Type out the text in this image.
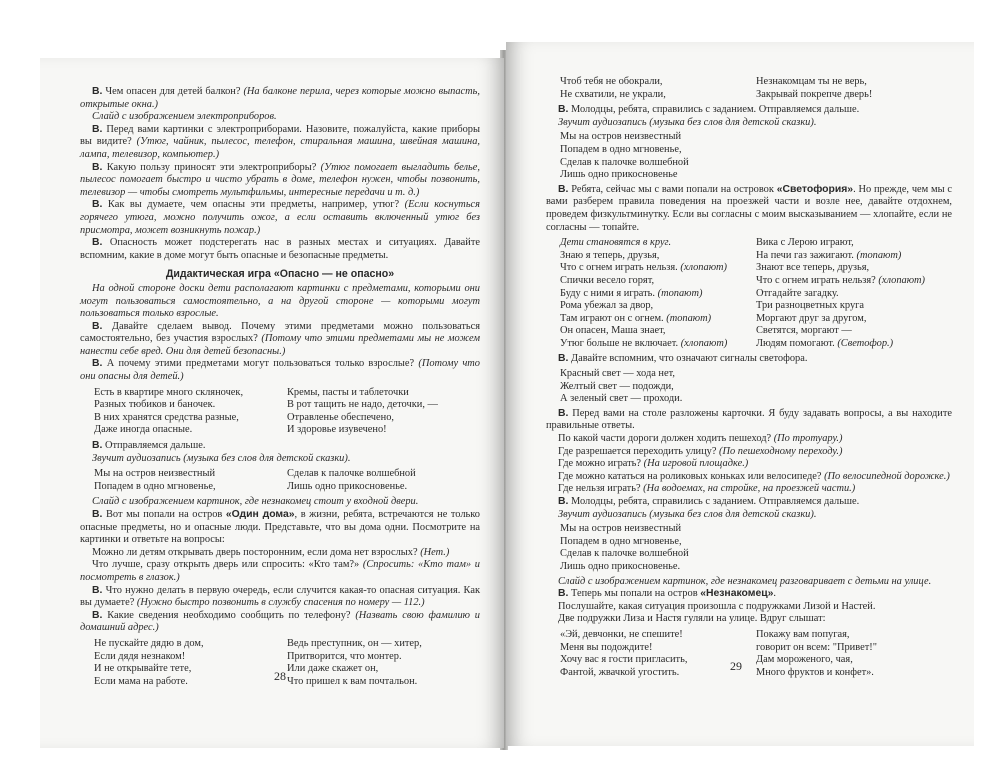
В. Чем опасен для детей балкон? (На балконе перила, через которые можно выпасть, открытые окна.)

Слайд с изображением электроприборов.

В. Перед вами картинки с электроприборами. Назовите, пожалуйста, какие приборы вы видите? (Утюг, чайник, пылесос, телефон, стиральная машина, швейная машина, лампа, телевизор, компьютер.)

В. Какую пользу приносят эти электроприборы? (Утюг помогает выгладить белье, пылесос помогает быстро и чисто убрать в доме, телефон нужен, чтобы позвонить, телевизор — чтобы смотреть мультфильмы, интересные передачи и т. д.)

В. Как вы думаете, чем опасны эти предметы, например, утюг? (Если коснуться горячего утюга, можно получить ожог, а если оставить включенный утюг без присмотра, может возникнуть пожар.)

В. Опасность может подстерегать нас в разных местах и ситуациях. Давайте вспомним, какие в доме могут быть опасные и безопасные предметы.

Дидактическая игра «Опасно — не опасно»

На одной стороне доски дети располагают картинки с предметами, которыми они могут пользоваться самостоятельно, а на другой стороне — которыми могут пользоваться только взрослые.

В. Давайте сделаем вывод. Почему этими предметами можно пользоваться самостоятельно, без участия взрослых? (Потому что этими предметами мы не можем нанести себе вред. Они для детей безопасны.)

В. А почему этими предметами могут пользоваться только взрослые? (Потому что они опасны для детей.)

Есть в квартире много скляночек,
Разных тюбиков и баночек.
В них хранятся средства разные,
Даже иногда опасные.
Кремы, пасты и таблеточки
В рот тащить не надо, деточки, —
Отравленье обеспечено,
И здоровье изувечено!

В. Отправляемся дальше.

Звучит аудиозапись (музыка без слов для детской сказки).

Мы на остров неизвестный
Попадем в одно мгновенье,
Сделав к палочке волшебной
Лишь одно прикосновенье.

Слайд с изображением картинок, где незнакомец стоит у входной двери.

В. Вот мы попали на остров «Один дома», в жизни, ребята, встречаются не только опасные предметы, но и опасные люди. Представьте, что вы дома одни. Посмотрите на картинки и ответьте на вопросы:

Можно ли детям открывать дверь посторонним, если дома нет взрослых? (Нет.)

Что лучше, сразу открыть дверь или спросить: «Кто там?» (Спросить: «Кто там» и посмотреть в глазок.)

В. Что нужно делать в первую очередь, если случится какая-то опасная ситуация. Как вы думаете? (Нужно быстро позвонить в службу спасения по номеру — 112.)

В. Какие сведения необходимо сообщить по телефону? (Назвать свою фамилию и домашний адрес.)

Не пускайте дядю в дом,
Если дядя незнаком!
И не открывайте тете,
Если мама на работе.
Ведь преступник, он — хитер,
Притворится, что монтер.
Или даже скажет он,
Что пришел к вам почтальон.
28
Чтоб тебя не обокрали,
Не схватили, не украли,
Незнакомцам ты не верь,
Закрывай покрепче дверь!

В. Молодцы, ребята, справились с заданием. Отправляемся дальше.

Звучит аудиозапись (музыка без слов для детской сказки).

Мы на остров неизвестный
Попадем в одно мгновенье,
Сделав к палочке волшебной
Лишь одно прикосновенье

В. Ребята, сейчас мы с вами попали на островок «Светофория». Но прежде, чем мы с вами разберем правила поведения на проезжей части и возле нее, давайте отдохнем, проведем физкультминутку. Если вы согласны с моим высказыванием — хлопайте, если не согласны — топайте.

Дети становятся в круг.
Знаю я теперь, друзья,
Что с огнем играть нельзя. (хлопают)
Спички весело горят,
Буду с ними я играть. (топают)
Рома убежал за двор,
Там играют он с огнем. (топают)
Он опасен, Маша знает,
Утюг больше не включает. (хлопают)
Вика с Лерою играют,
На печи газ зажигают. (топают)
Знают все теперь, друзья,
Что с огнем играть нельзя? (хлопают)
Отгадайте загадку.
Три разноцветных круга
Моргают друг за другом,
Светятся, моргают —
Людям помогают. (Светофор.)

В. Давайте вспомним, что означают сигналы светофора.

Красный свет — хода нет,
Желтый свет — подожди,
А зеленый свет — проходи.

В. Перед вами на столе разложены карточки. Я буду задавать вопросы, а вы находите правильные ответы.

По какой части дороги должен ходить пешеход? (По тротуару.)

Где разрешается переходить улицу? (По пешеходному переходу.)

Где можно играть? (На игровой площадке.)

Где можно кататься на роликовых коньках или велосипеде? (По велосипедной дорожке.)

Где нельзя играть? (На водоемах, на стройке, на проезжей части.)

В. Молодцы, ребята, справились с заданием. Отправляемся дальше.

Звучит аудиозапись (музыка без слов для детской сказки).

Мы на остров неизвестный
Попадем в одно мгновенье,
Сделав к палочке волшебной
Лишь одно прикосновенье.

Слайд с изображением картинок, где незнакомец разговаривает с детьми на улице.

В. Теперь мы попали на остров «Незнакомец».

Послушайте, какая ситуация произошла с подружками Лизой и Настей.

Две подружки Лиза и Настя гуляли на улице. Вдруг слышат:

«Эй, девчонки, не спешите!
Меня вы подождите!
Хочу вас я гости пригласить,
Фантой, жвачкой угостить.
Покажу вам попугая,
говорит он всем: "Привет!"
Дам мороженого, чая,
Много фруктов и конфет».
29
